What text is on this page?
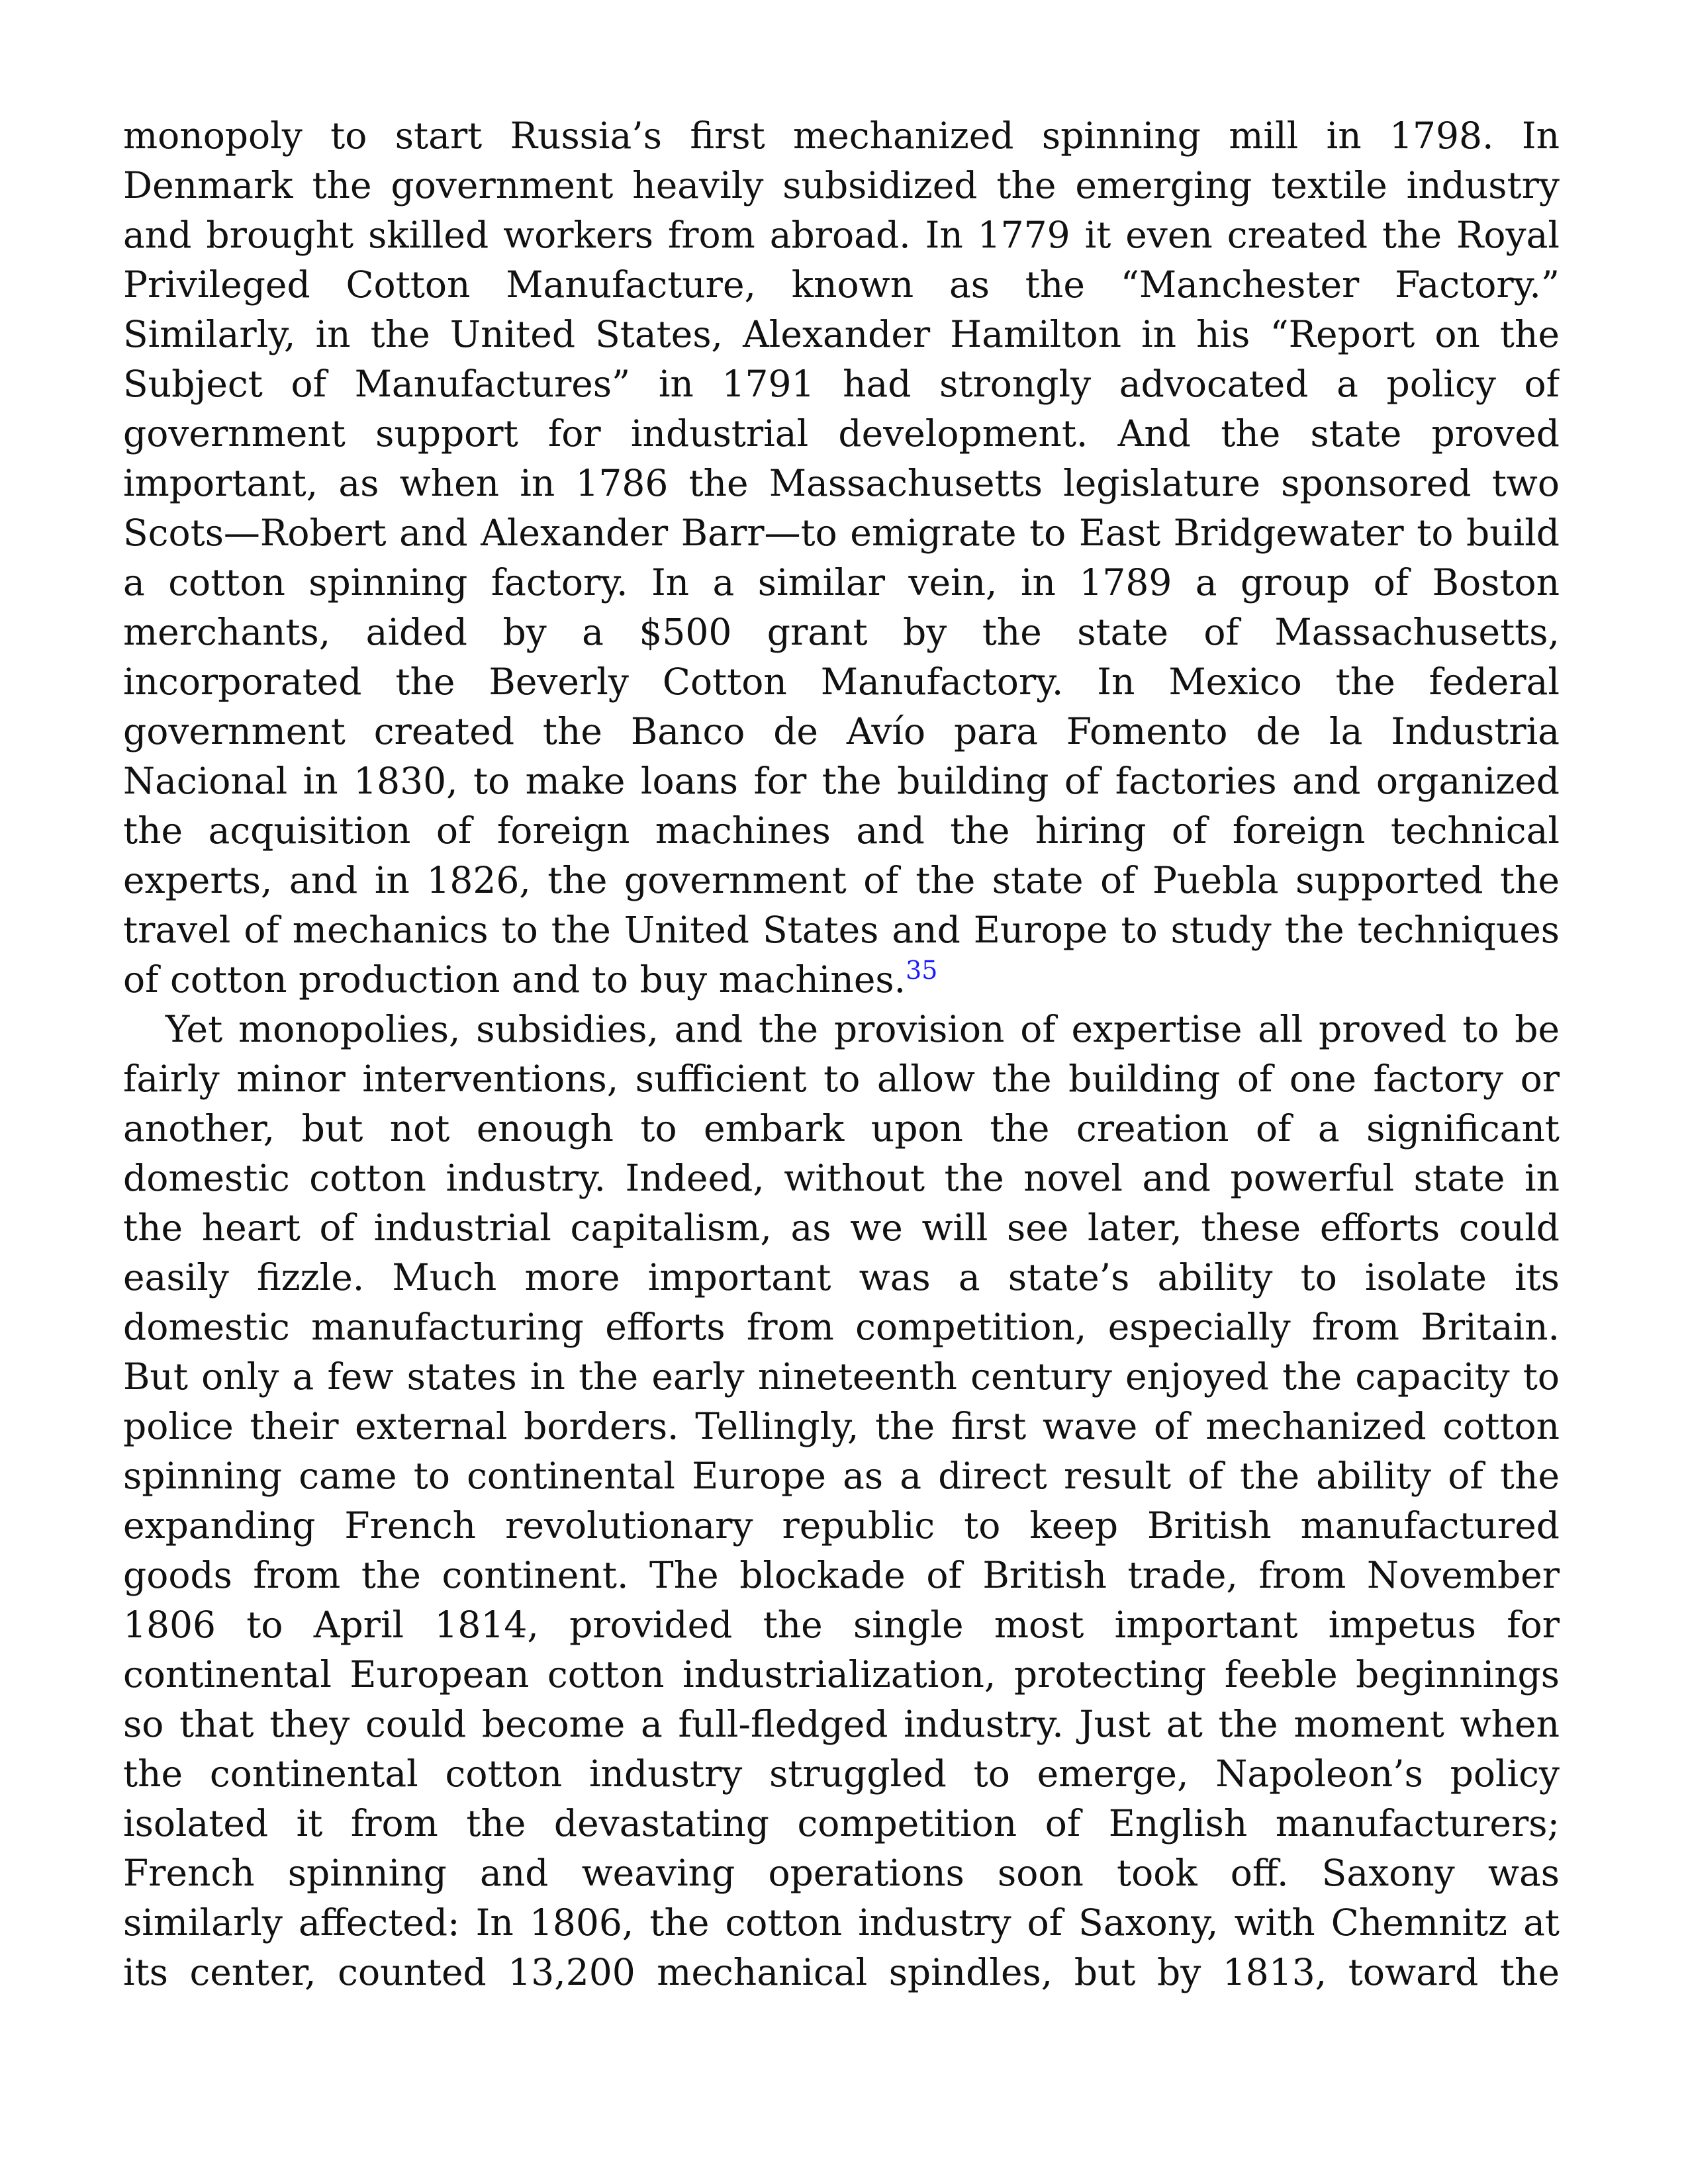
monopoly to start Russia’s first mechanized spinning mill in 1798. In
Denmark the government heavily subsidized the emerging textile industry
and brought skilled workers from abroad. In 1779 it even created the Royal
Privileged Cotton Manufacture, known as the “Manchester Factory.”
Similarly, in the United States, Alexander Hamilton in his “Report on the
Subject of Manufactures” in 1791 had strongly advocated a policy of
government support for industrial development. And the state proved
important, as when in 1786 the Massachusetts legislature sponsored two
Scots—Robert and Alexander Barr—to emigrate to East Bridgewater to build
a cotton spinning factory. In a similar vein, in 1789 a group of Boston
merchants, aided by a $500 grant by the state of Massachusetts,
incorporated the Beverly Cotton Manufactory. In Mexico the federal
government created the Banco de Avío para Fomento de la Industria
Nacional in 1830, to make loans for the building of factories and organized
the acquisition of foreign machines and the hiring of foreign technical
experts, and in 1826, the government of the state of Puebla supported the
travel of mechanics to the United States and Europe to study the techniques
of cotton production and to buy machines.$^{35}$
Yet monopolies, subsidies, and the provision of expertise all proved to be
fairly minor interventions, sufficient to allow the building of one factory or
another, but not enough to embark upon the creation of a significant
domestic cotton industry. Indeed, without the novel and powerful state in
the heart of industrial capitalism, as we will see later, these efforts could
easily fizzle. Much more important was a state’s ability to isolate its
domestic manufacturing efforts from competition, especially from Britain.
But only a few states in the early nineteenth century enjoyed the capacity to
police their external borders. Tellingly, the first wave of mechanized cotton
spinning came to continental Europe as a direct result of the ability of the
expanding French revolutionary republic to keep British manufactured
goods from the continent. The blockade of British trade, from November
1806 to April 1814, provided the single most important impetus for
continental European cotton industrialization, protecting feeble beginnings
so that they could become a full-fledged industry. Just at the moment when
the continental cotton industry struggled to emerge, Napoleon’s policy
isolated it from the devastating competition of English manufacturers;
French spinning and weaving operations soon took off. Saxony was
similarly affected: In 1806, the cotton industry of Saxony, with Chemnitz at
its center, counted 13,200 mechanical spindles, but by 1813, toward the
